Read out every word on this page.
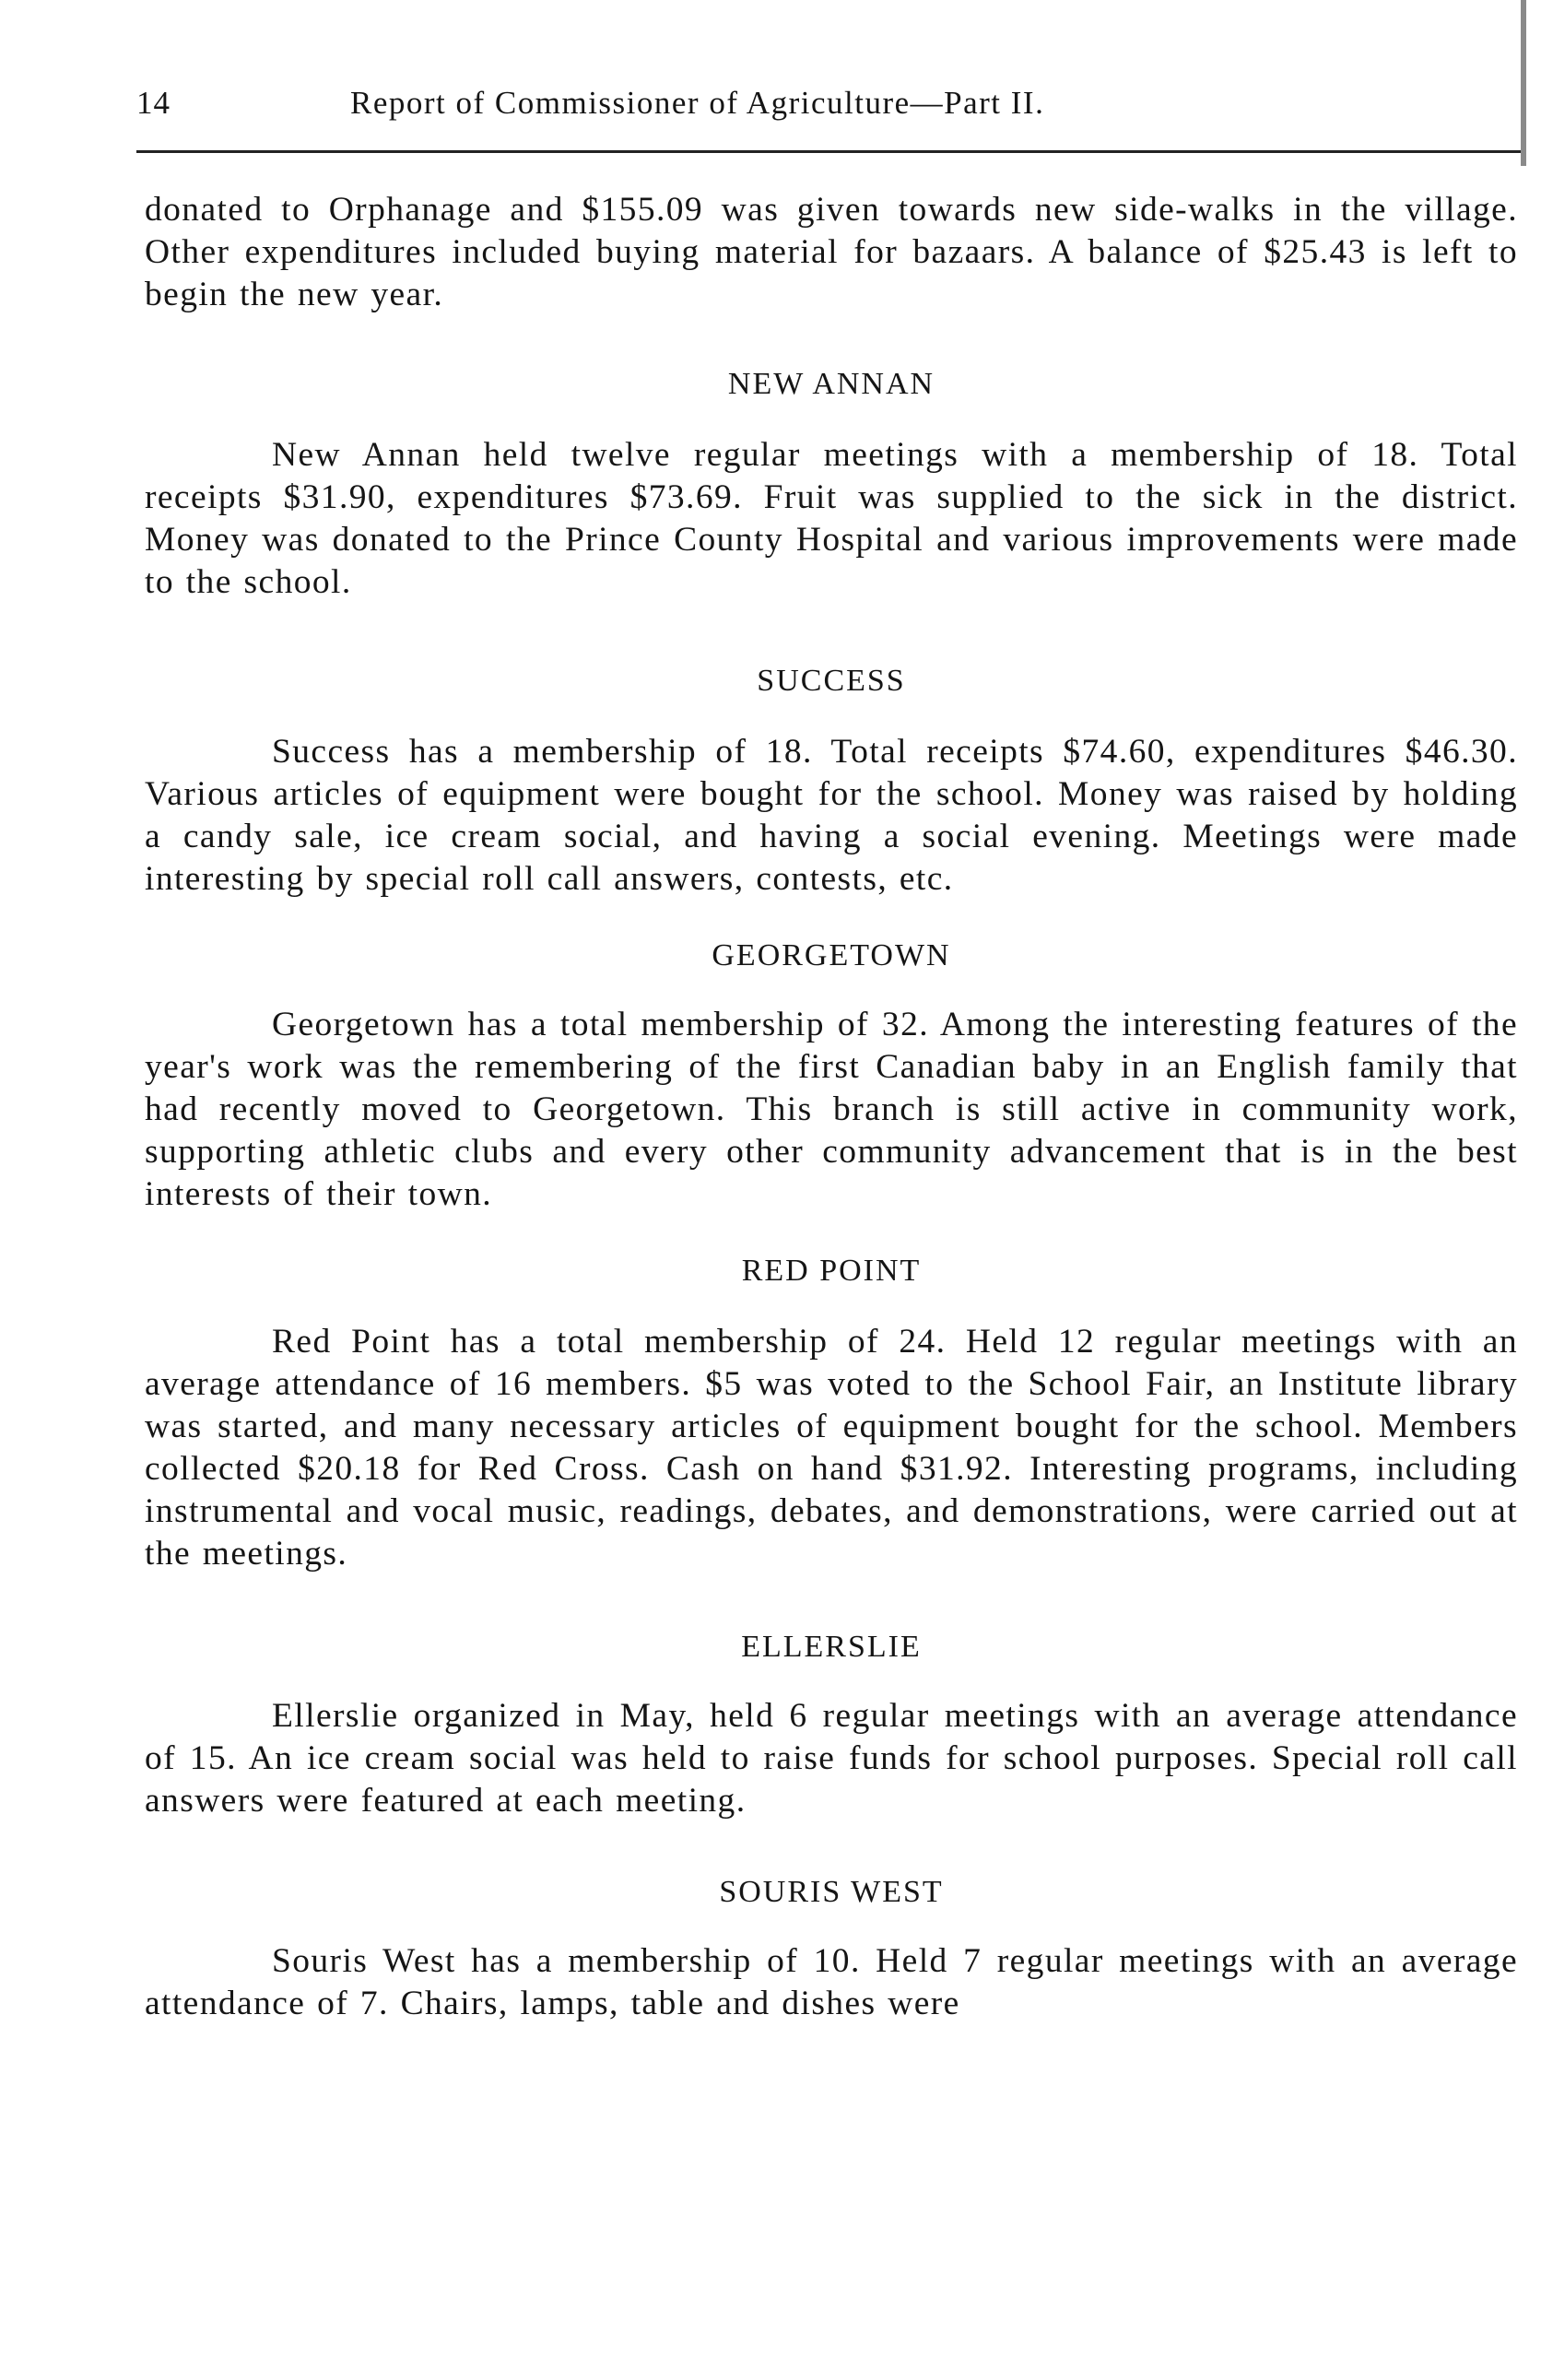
14	Report of Commissioner of Agriculture—Part II.

donated to Orphanage and $155.09 was given towards new side-walks in the village. Other expenditures included buying material for bazaars. A balance of $25.43 is left to begin the new year.

NEW ANNAN

New Annan held twelve regular meetings with a membership of 18. Total receipts $31.90, expenditures $73.69. Fruit was supplied to the sick in the district. Money was donated to the Prince County Hospital and various improvements were made to the school.

SUCCESS

Success has a membership of 18. Total receipts $74.60, expenditures $46.30. Various articles of equipment were bought for the school. Money was raised by holding a candy sale, ice cream social, and having a social evening. Meetings were made interesting by special roll call answers, contests, etc.

GEORGETOWN

Georgetown has a total membership of 32. Among the interesting features of the year's work was the remembering of the first Canadian baby in an English family that had recently moved to Georgetown. This branch is still active in community work, supporting athletic clubs and every other community advancement that is in the best interests of their town.

RED POINT

Red Point has a total membership of 24. Held 12 regular meetings with an average attendance of 16 members. $5 was voted to the School Fair, an Institute library was started, and many necessary articles of equipment bought for the school. Members collected $20.18 for Red Cross. Cash on hand $31.92. Interesting programs, including instrumental and vocal music, readings, debates, and demonstrations, were carried out at the meetings.

ELLERSLIE

Ellerslie organized in May, held 6 regular meetings with an average attendance of 15. An ice cream social was held to raise funds for school purposes. Special roll call answers were featured at each meeting.

SOURIS WEST

Souris West has a membership of 10. Held 7 regular meetings with an average attendance of 7. Chairs, lamps, table and dishes were
